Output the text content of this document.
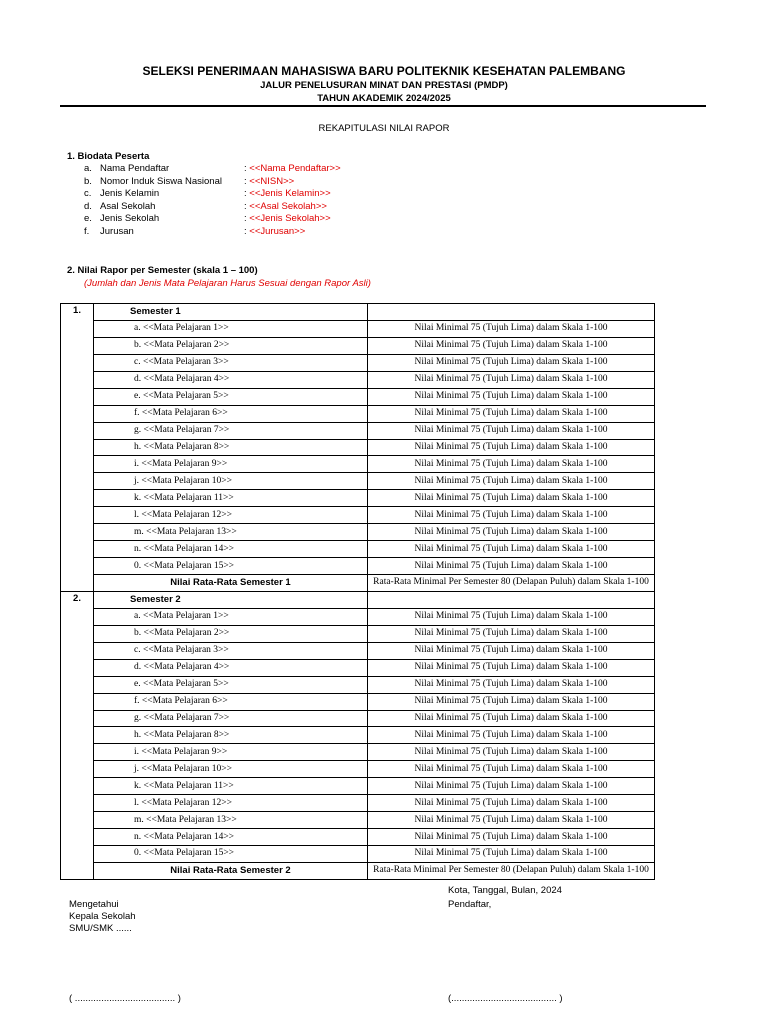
SELEKSI PENERIMAAN MAHASISWA BARU POLITEKNIK KESEHATAN PALEMBANG
JALUR PENELUSURAN MINAT DAN PRESTASI (PMDP)
TAHUN AKADEMIK 2024/2025
REKAPITULASI NILAI RAPOR
1. Biodata Peserta
a. Nama Pendaftar	: <<Nama Pendaftar>>
b. Nomor Induk Siswa Nasional : <<NISN>>
c. Jenis Kelamin	: <<Jenis Kelamin>>
d. Asal Sekolah	: <<Asal Sekolah>>
e. Jenis Sekolah	: <<Jenis Sekolah>>
f. Jurusan	: <<Jurusan>>
2. Nilai Rapor per Semester (skala 1 – 100)
(Jumlah dan Jenis Mata Pelajaran Harus Sesuai dengan Rapor Asli)
1.	Semester 1	
	a. <<Mata Pelajaran 1>>	Nilai Minimal 75 (Tujuh Lima) dalam Skala 1-100
	b. <<Mata Pelajaran 2>>	Nilai Minimal 75 (Tujuh Lima) dalam Skala 1-100
	c. <<Mata Pelajaran 3>>	Nilai Minimal 75 (Tujuh Lima) dalam Skala 1-100
	d. <<Mata Pelajaran 4>>	Nilai Minimal 75 (Tujuh Lima) dalam Skala 1-100
	e. <<Mata Pelajaran 5>>	Nilai Minimal 75 (Tujuh Lima) dalam Skala 1-100
	f. <<Mata Pelajaran 6>>	Nilai Minimal 75 (Tujuh Lima) dalam Skala 1-100
	g. <<Mata Pelajaran 7>>	Nilai Minimal 75 (Tujuh Lima) dalam Skala 1-100
	h. <<Mata Pelajaran 8>>	Nilai Minimal 75 (Tujuh Lima) dalam Skala 1-100
	i. <<Mata Pelajaran 9>>	Nilai Minimal 75 (Tujuh Lima) dalam Skala 1-100
	j. <<Mata Pelajaran 10>>	Nilai Minimal 75 (Tujuh Lima) dalam Skala 1-100
	k. <<Mata Pelajaran 11>>	Nilai Minimal 75 (Tujuh Lima) dalam Skala 1-100
	l. <<Mata Pelajaran 12>>	Nilai Minimal 75 (Tujuh Lima) dalam Skala 1-100
	m. <<Mata Pelajaran 13>>	Nilai Minimal 75 (Tujuh Lima) dalam Skala 1-100
	n. <<Mata Pelajaran 14>>	Nilai Minimal 75 (Tujuh Lima) dalam Skala 1-100
	0. <<Mata Pelajaran 15>>	Nilai Minimal 75 (Tujuh Lima) dalam Skala 1-100
	Nilai Rata-Rata Semester 1	Rata-Rata Minimal Per Semester 80 (Delapan Puluh) dalam Skala 1-100
2.	Semester 2	
	a. <<Mata Pelajaran 1>>	Nilai Minimal 75 (Tujuh Lima) dalam Skala 1-100
	b. <<Mata Pelajaran 2>>	Nilai Minimal 75 (Tujuh Lima) dalam Skala 1-100
	c. <<Mata Pelajaran 3>>	Nilai Minimal 75 (Tujuh Lima) dalam Skala 1-100
	d. <<Mata Pelajaran 4>>	Nilai Minimal 75 (Tujuh Lima) dalam Skala 1-100
	e. <<Mata Pelajaran 5>>	Nilai Minimal 75 (Tujuh Lima) dalam Skala 1-100
	f. <<Mata Pelajaran 6>>	Nilai Minimal 75 (Tujuh Lima) dalam Skala 1-100
	g. <<Mata Pelajaran 7>>	Nilai Minimal 75 (Tujuh Lima) dalam Skala 1-100
	h. <<Mata Pelajaran 8>>	Nilai Minimal 75 (Tujuh Lima) dalam Skala 1-100
	i. <<Mata Pelajaran 9>>	Nilai Minimal 75 (Tujuh Lima) dalam Skala 1-100
	j. <<Mata Pelajaran 10>>	Nilai Minimal 75 (Tujuh Lima) dalam Skala 1-100
	k. <<Mata Pelajaran 11>>	Nilai Minimal 75 (Tujuh Lima) dalam Skala 1-100
	l. <<Mata Pelajaran 12>>	Nilai Minimal 75 (Tujuh Lima) dalam Skala 1-100
	m. <<Mata Pelajaran 13>>	Nilai Minimal 75 (Tujuh Lima) dalam Skala 1-100
	n. <<Mata Pelajaran 14>>	Nilai Minimal 75 (Tujuh Lima) dalam Skala 1-100
	0. <<Mata Pelajaran 15>>	Nilai Minimal 75 (Tujuh Lima) dalam Skala 1-100
	Nilai Rata-Rata Semester 2	Rata-Rata Minimal Per Semester 80 (Delapan Puluh) dalam Skala 1-100
Kota, Tanggal, Bulan, 2024
Mengetahui	Pendaftar,
Kepala Sekolah
SMU/SMK ......
( ...................................... )	(........................................ )
